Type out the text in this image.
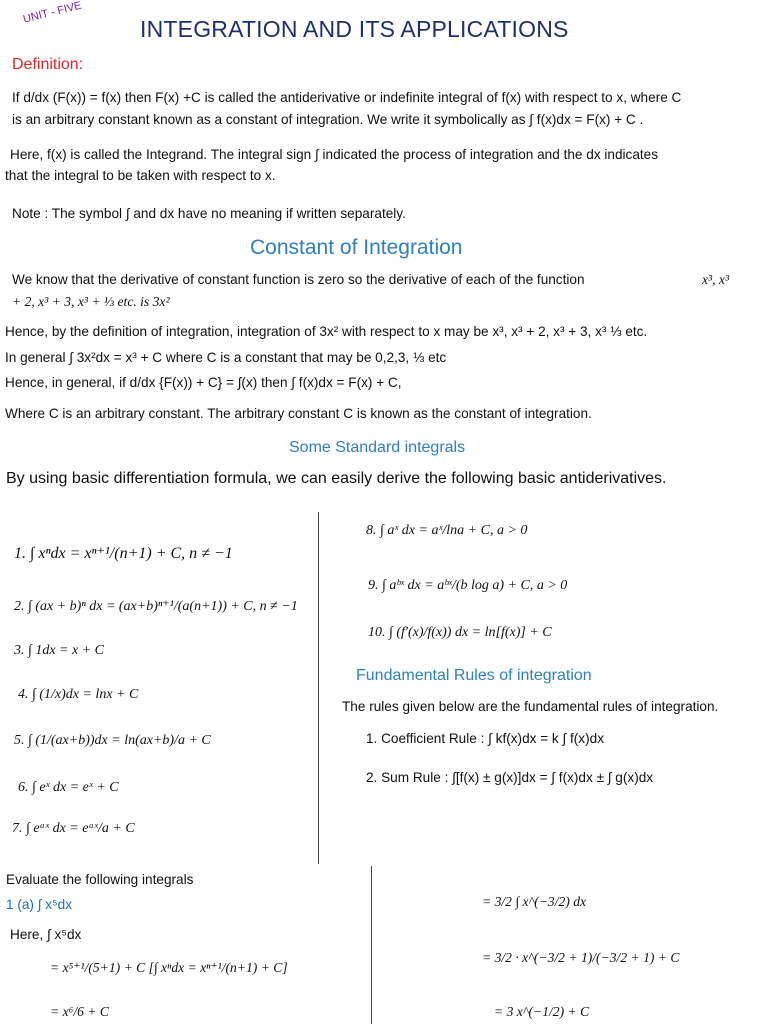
UNIT - FIVE
INTEGRATION AND ITS APPLICATIONS
Definition:
If d/dx (F(x)) = f(x) then F(x) +C is called the antiderivative or indefinite integral of f(x) with respect to x, where C
is an arbitrary constant known as a constant of integration. We write it symbolically as ∫ f(x)dx = F(x) + C .
Here, f(x) is called the Integrand. The integral sign ∫ indicated the process of integration and the dx indicates
that the integral to be taken with respect to x.
Note : The symbol ∫ and dx have no meaning if written separately.
Constant of Integration
We know that the derivative of constant function is zero so the derivative of each of the function	x³, x³
+ 2, x³ + 3, x³ + ⅓ etc. is 3x²
Hence, by the definition of integration, integration of 3x² with respect to x may be x³, x³ + 2, x³ + 3, x³ ⅓ etc.
In general ∫ 3x²dx = x³ + C where C is a constant that may be 0,2,3, ⅓ etc
Hence, in general, if d/dx {F(x)) + C} = ∫(x) then ∫ f(x)dx = F(x) + C,
Where C is an arbitrary constant. The arbitrary constant C is known as the constant of integration.
Some Standard integrals
By using basic differentiation formula, we can easily derive the following basic antiderivatives.
1. ∫ xⁿdx = xⁿ⁺¹/(n+1) + C, n ≠ −1
2. ∫ (ax + b)ⁿ dx = (ax+b)ⁿ⁺¹/(a(n+1)) + C, n ≠ −1
3. ∫ 1dx = x + C
4. ∫ (1/x)dx = lnx + C
5. ∫ (1/(ax+b))dx = ln(ax+b)/a + C
6. ∫ eˣ dx = eˣ + C
7. ∫ eᵃˣ dx = eᵃˣ/a + C
8. ∫ aˣ dx = aˣ/lna + C, a > 0
9. ∫ aᵇˣ dx = aᵇˣ/(b log a) + C, a > 0
10. ∫ (f′(x)/f(x)) dx = ln[f(x)] + C
Fundamental Rules of integration
The rules given below are the fundamental rules of integration.
1. Coefficient Rule : ∫ kf(x)dx = k ∫ f(x)dx
2. Sum Rule : ∫[f(x) ± g(x)]dx = ∫ f(x)dx ± ∫ g(x)dx
Evaluate the following integrals
1 (a) ∫ x⁵dx
Here, ∫ x⁵dx
= x⁵⁺¹/(5+1) + C [∫ xⁿdx = xⁿ⁺¹/(n+1) + C]
= x⁶/6 + C
= 3/2 ∫ x^(−3/2) dx
= 3/2 · x^(−3/2 + 1)/(−3/2 + 1) + C
= 3 x^(−1/2) + C
